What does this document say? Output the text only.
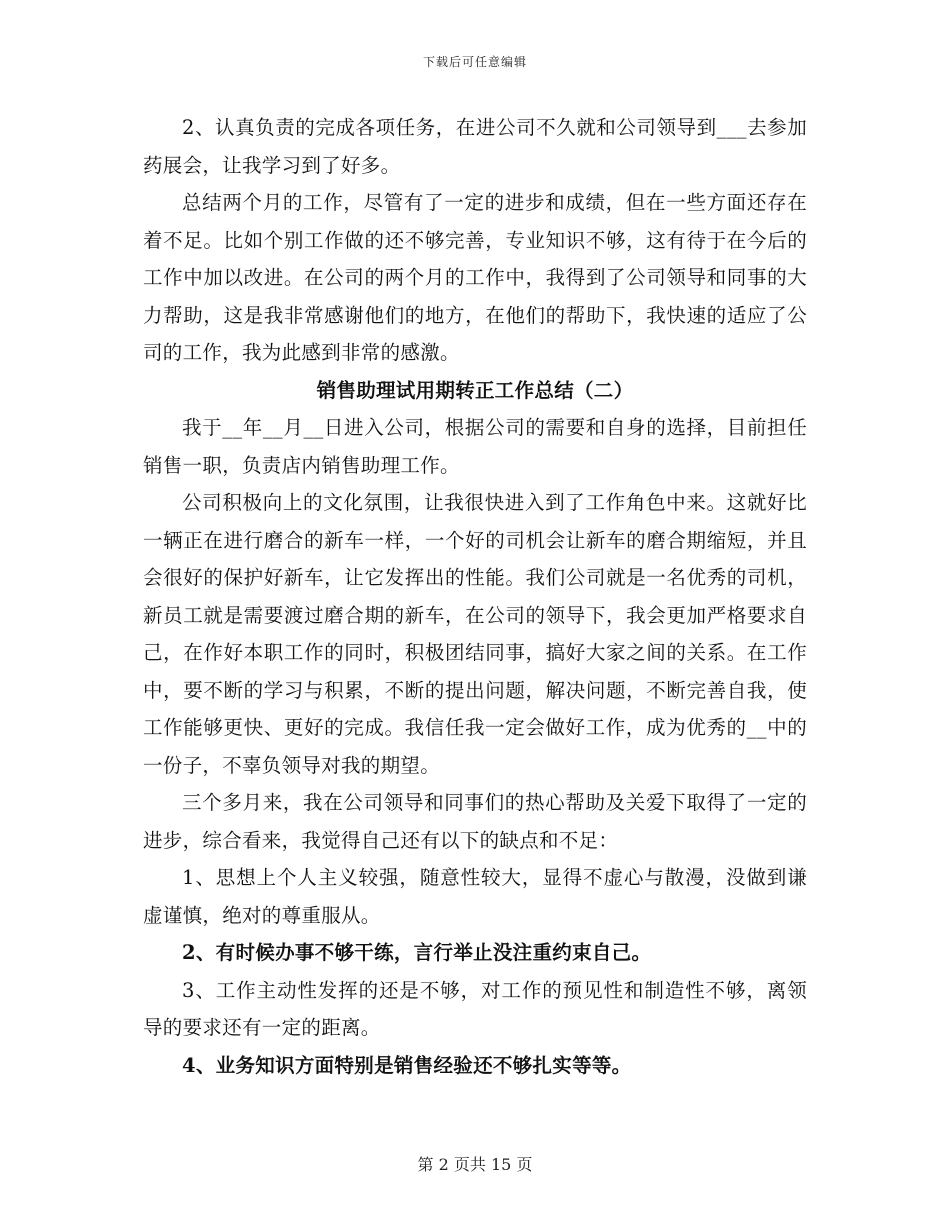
下载后可任意编辑

2、认真负责的完成各项任务，在进公司不久就和公司领导到___去参加药展会，让我学习到了好多。

总结两个月的工作，尽管有了一定的进步和成绩，但在一些方面还存在着不足。比如个别工作做的还不够完善，专业知识不够，这有待于在今后的工作中加以改进。在公司的两个月的工作中，我得到了公司领导和同事的大力帮助，这是我非常感谢他们的地方，在他们的帮助下，我快速的适应了公司的工作，我为此感到非常的感激。

销售助理试用期转正工作总结（二）

我于__年__月__日进入公司，根据公司的需要和自身的选择，目前担任销售一职，负责店内销售助理工作。

公司积极向上的文化氛围，让我很快进入到了工作角色中来。这就好比一辆正在进行磨合的新车一样，一个好的司机会让新车的磨合期缩短，并且会很好的保护好新车，让它发挥出的性能。我们公司就是一名优秀的司机，新员工就是需要渡过磨合期的新车，在公司的领导下，我会更加严格要求自己，在作好本职工作的同时，积极团结同事，搞好大家之间的关系。在工作中，要不断的学习与积累，不断的提出问题，解决问题，不断完善自我，使工作能够更快、更好的完成。我信任我一定会做好工作，成为优秀的__中的一份子，不辜负领导对我的期望。

三个多月来，我在公司领导和同事们的热心帮助及关爱下取得了一定的进步，综合看来，我觉得自己还有以下的缺点和不足：

1、思想上个人主义较强，随意性较大，显得不虚心与散漫，没做到谦虚谨慎，绝对的尊重服从。

2、有时候办事不够干练，言行举止没注重约束自己。

3、工作主动性发挥的还是不够，对工作的预见性和制造性不够，离领导的要求还有一定的距离。

4、业务知识方面特别是销售经验还不够扎实等等。

第 2 页共 15 页
